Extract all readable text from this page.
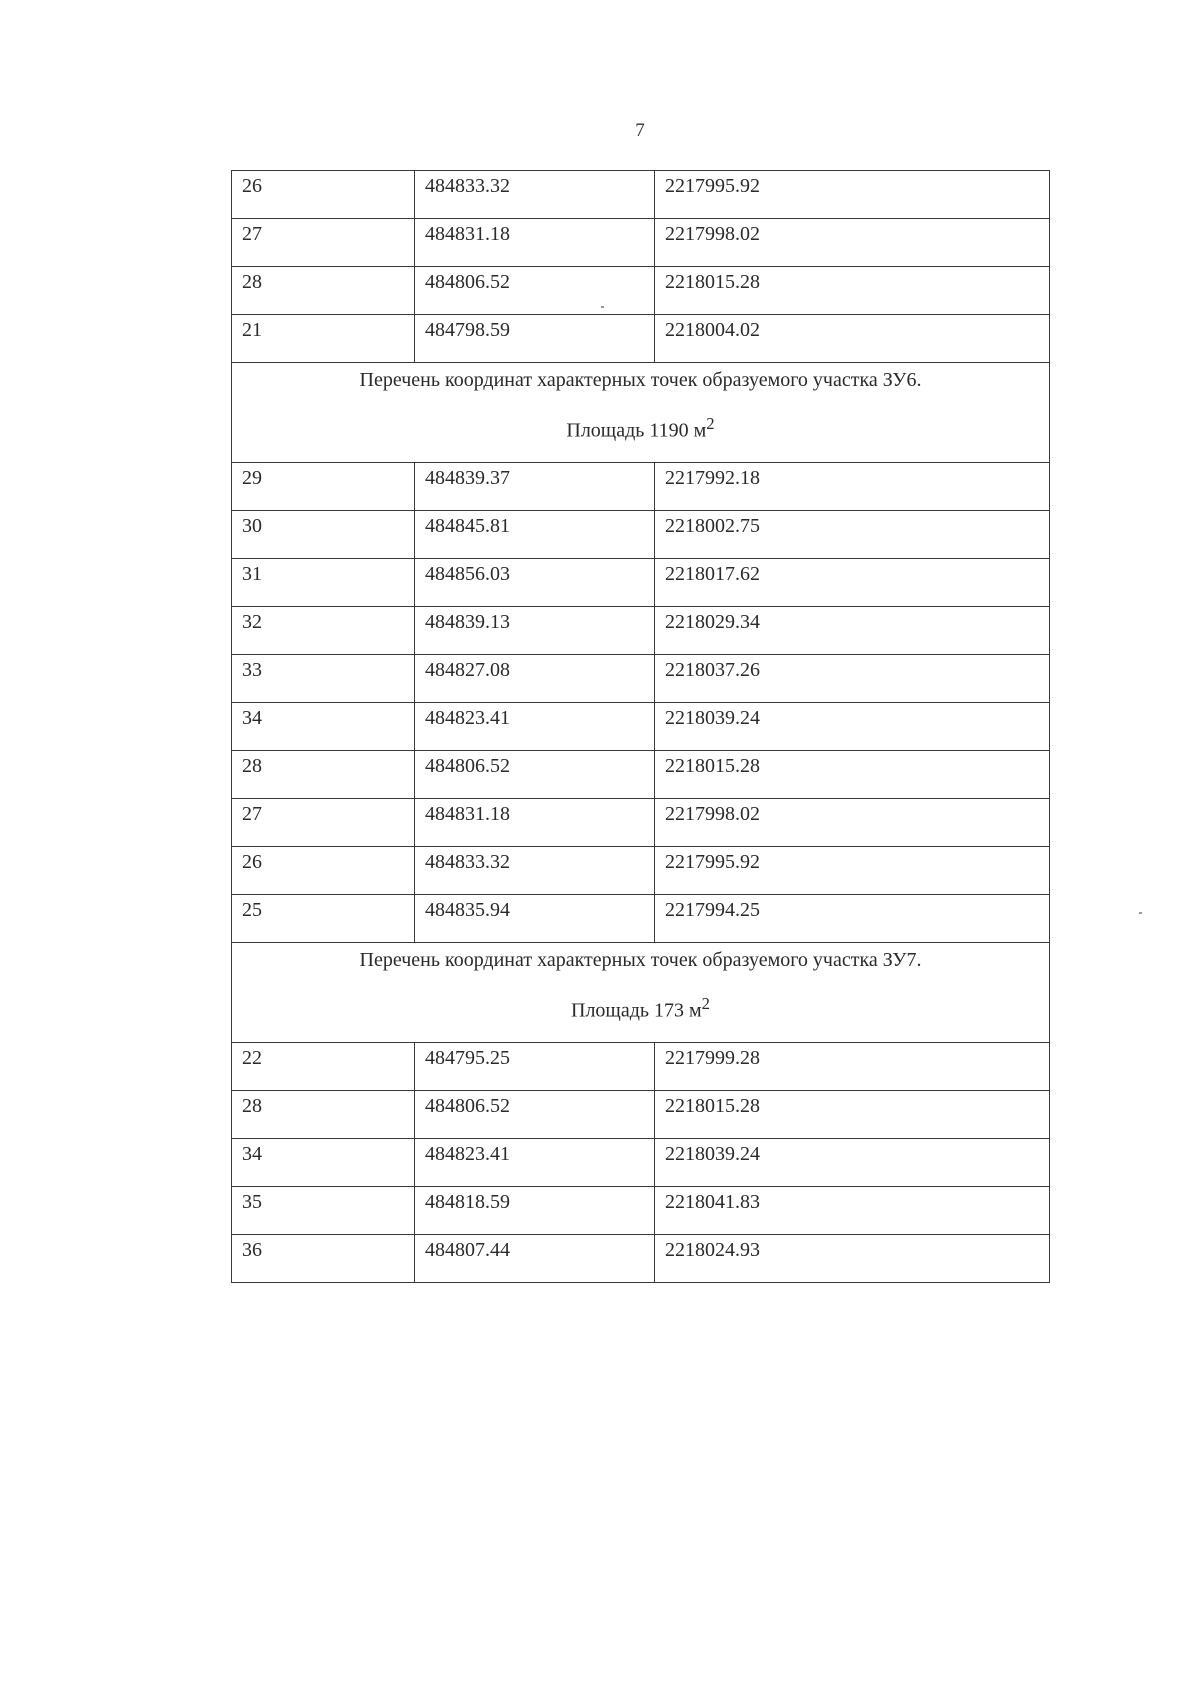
7
26	484833.32	2217995.92
27	484831.18	2217998.02
28	484806.52	2218015.28
21	484798.59	2218004.02

Перечень координат характерных точек образуемого участка ЗУ6.
Площадь 1190 $м^2$

29	484839.37	2217992.18
30	484845.81	2218002.75
31	484856.03	2218017.62
32	484839.13	2218029.34
33	484827.08	2218037.26
34	484823.41	2218039.24
28	484806.52	2218015.28
27	484831.18	2217998.02
26	484833.32	2217995.92
25	484835.94	2217994.25

Перечень координат характерных точек образуемого участка ЗУ7.
Площадь 173 $м^2$

22	484795.25	2217999.28
28	484806.52	2218015.28
34	484823.41	2218039.24
35	484818.59	2218041.83
36	484807.44	2218024.93
